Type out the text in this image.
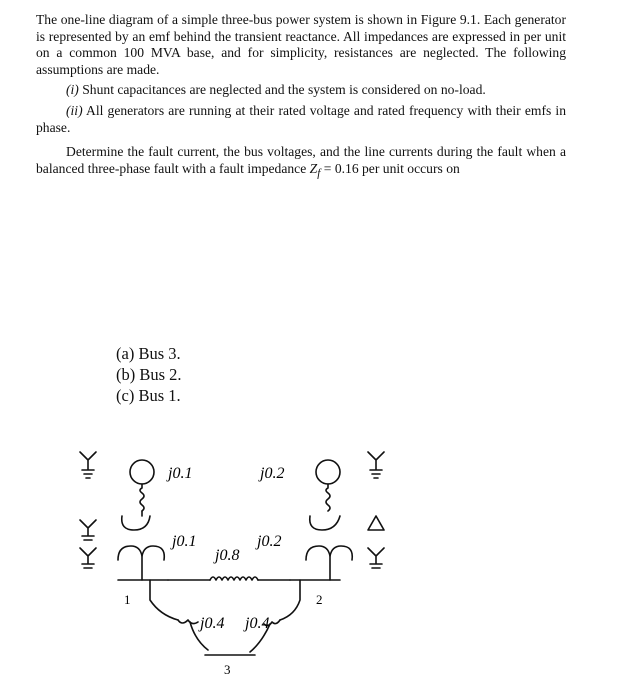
The one-line diagram of a simple three-bus power system is shown in Figure 9.1. Each generator is represented by an emf behind the transient reactance. All impedances are expressed in per unit on a common 100 MVA base, and for simplicity, resistances are neglected. The following assumptions are made.

(i) Shunt capacitances are neglected and the system is considered on no-load.

(ii) All generators are running at their rated voltage and rated frequency with their emfs in phase.

Determine the fault current, the bus voltages, and the line currents during the fault when a balanced three-phase fault with a fault impedance $Z_f = 0.16$ per unit occurs on

(a) Bus 3.
(b) Bus 2.
(c) Bus 1.
j0.1	j0.2
j0.1	j0.2
j0.8
j0.4 j0.4
1	2
3
